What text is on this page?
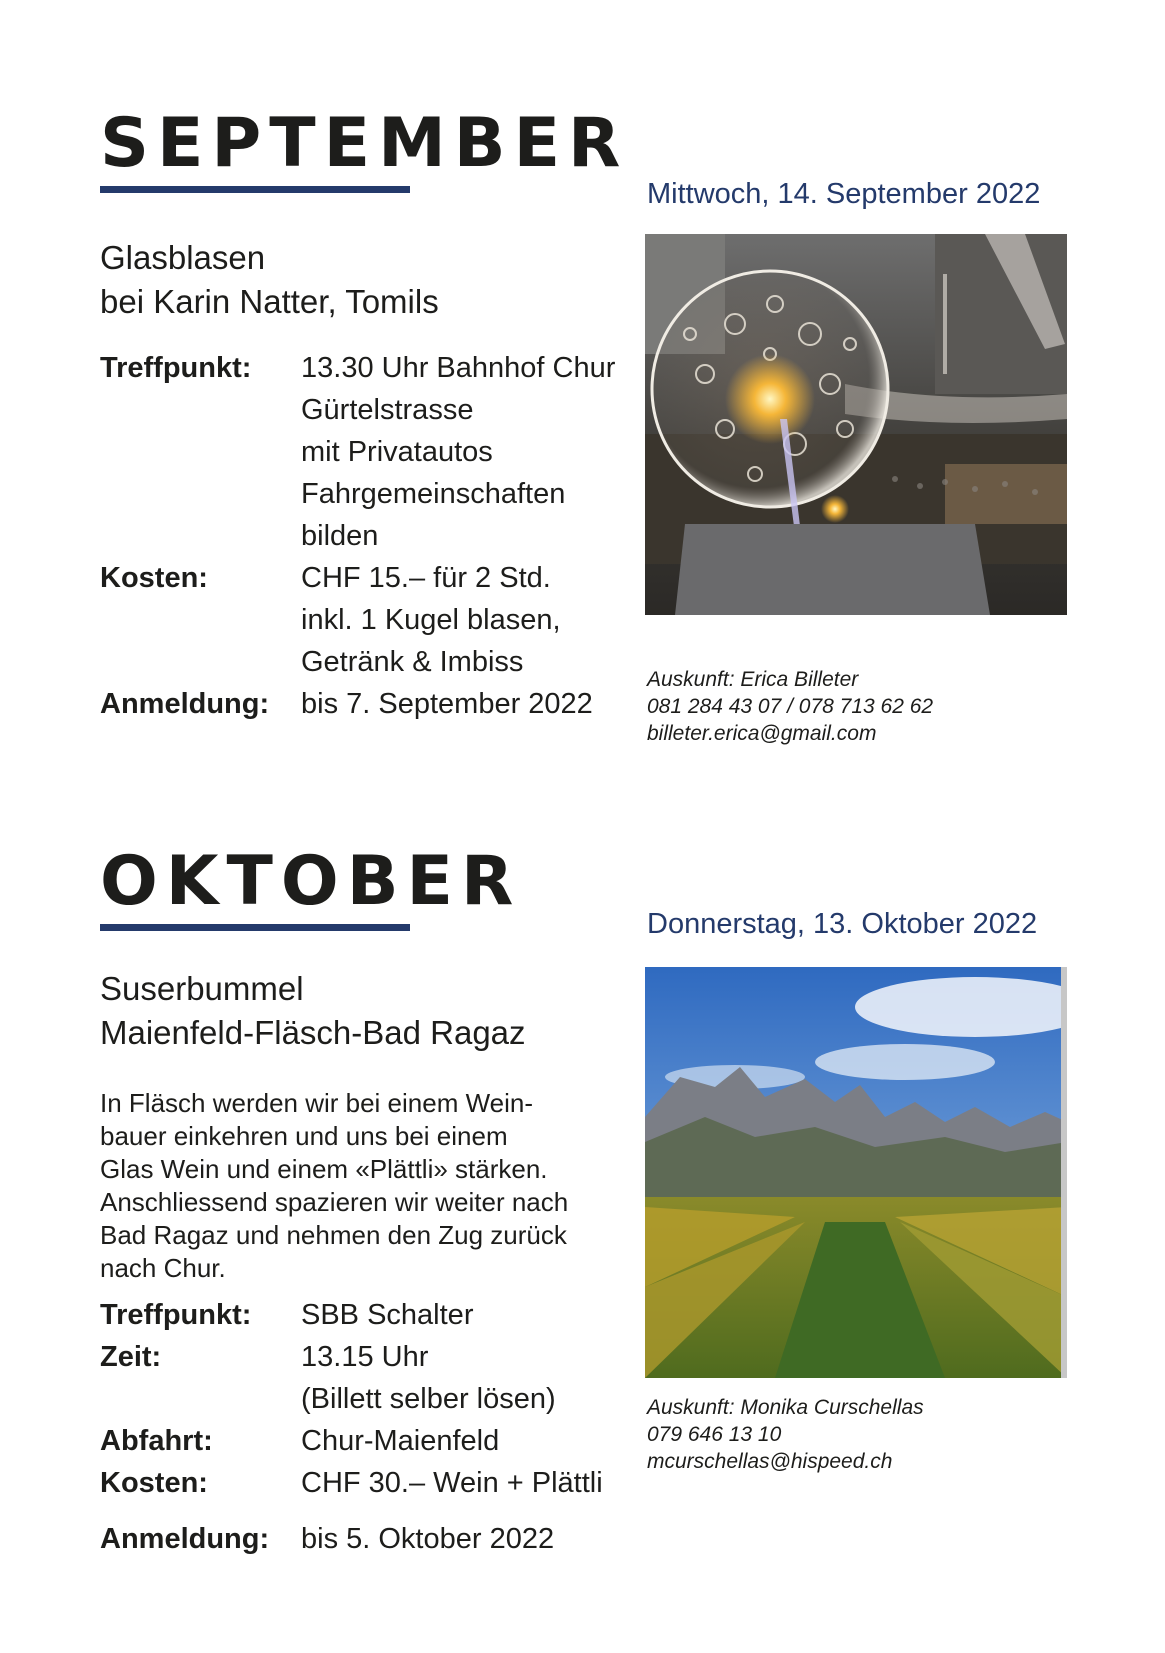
SEPTEMBER
Mittwoch, 14. September 2022
Glasblasen
bei Karin Natter, Tomils
Treffpunkt:	13.30 Uhr Bahnhof Chur
Gürtelstrasse
mit Privatautos
Fahrgemeinschaften
bilden
Kosten:	CHF 15.– für 2 Std.
inkl. 1 Kugel blasen,
Getränk & Imbiss
Anmeldung:	bis 7. September 2022
Auskunft: Erica Billeter
081 284 43 07 / 078 713 62 62
billeter.erica@gmail.com
OKTOBER
Donnerstag, 13. Oktober 2022
Suserbummel
Maienfeld-Fläsch-Bad Ragaz
In Fläsch werden wir bei einem Wein-
bauer einkehren und uns bei einem
Glas Wein und einem «Plättli» stärken.
Anschliessend spazieren wir weiter nach
Bad Ragaz und nehmen den Zug zurück
nach Chur.
Treffpunkt:	SBB Schalter
Zeit:	13.15 Uhr
(Billett selber lösen)
Abfahrt:	Chur-Maienfeld
Kosten:	CHF 30.– Wein + Plättli
Anmeldung:	bis 5. Oktober 2022
Auskunft: Monika Curschellas
079 646 13 10
mcurschellas@hispeed.ch
